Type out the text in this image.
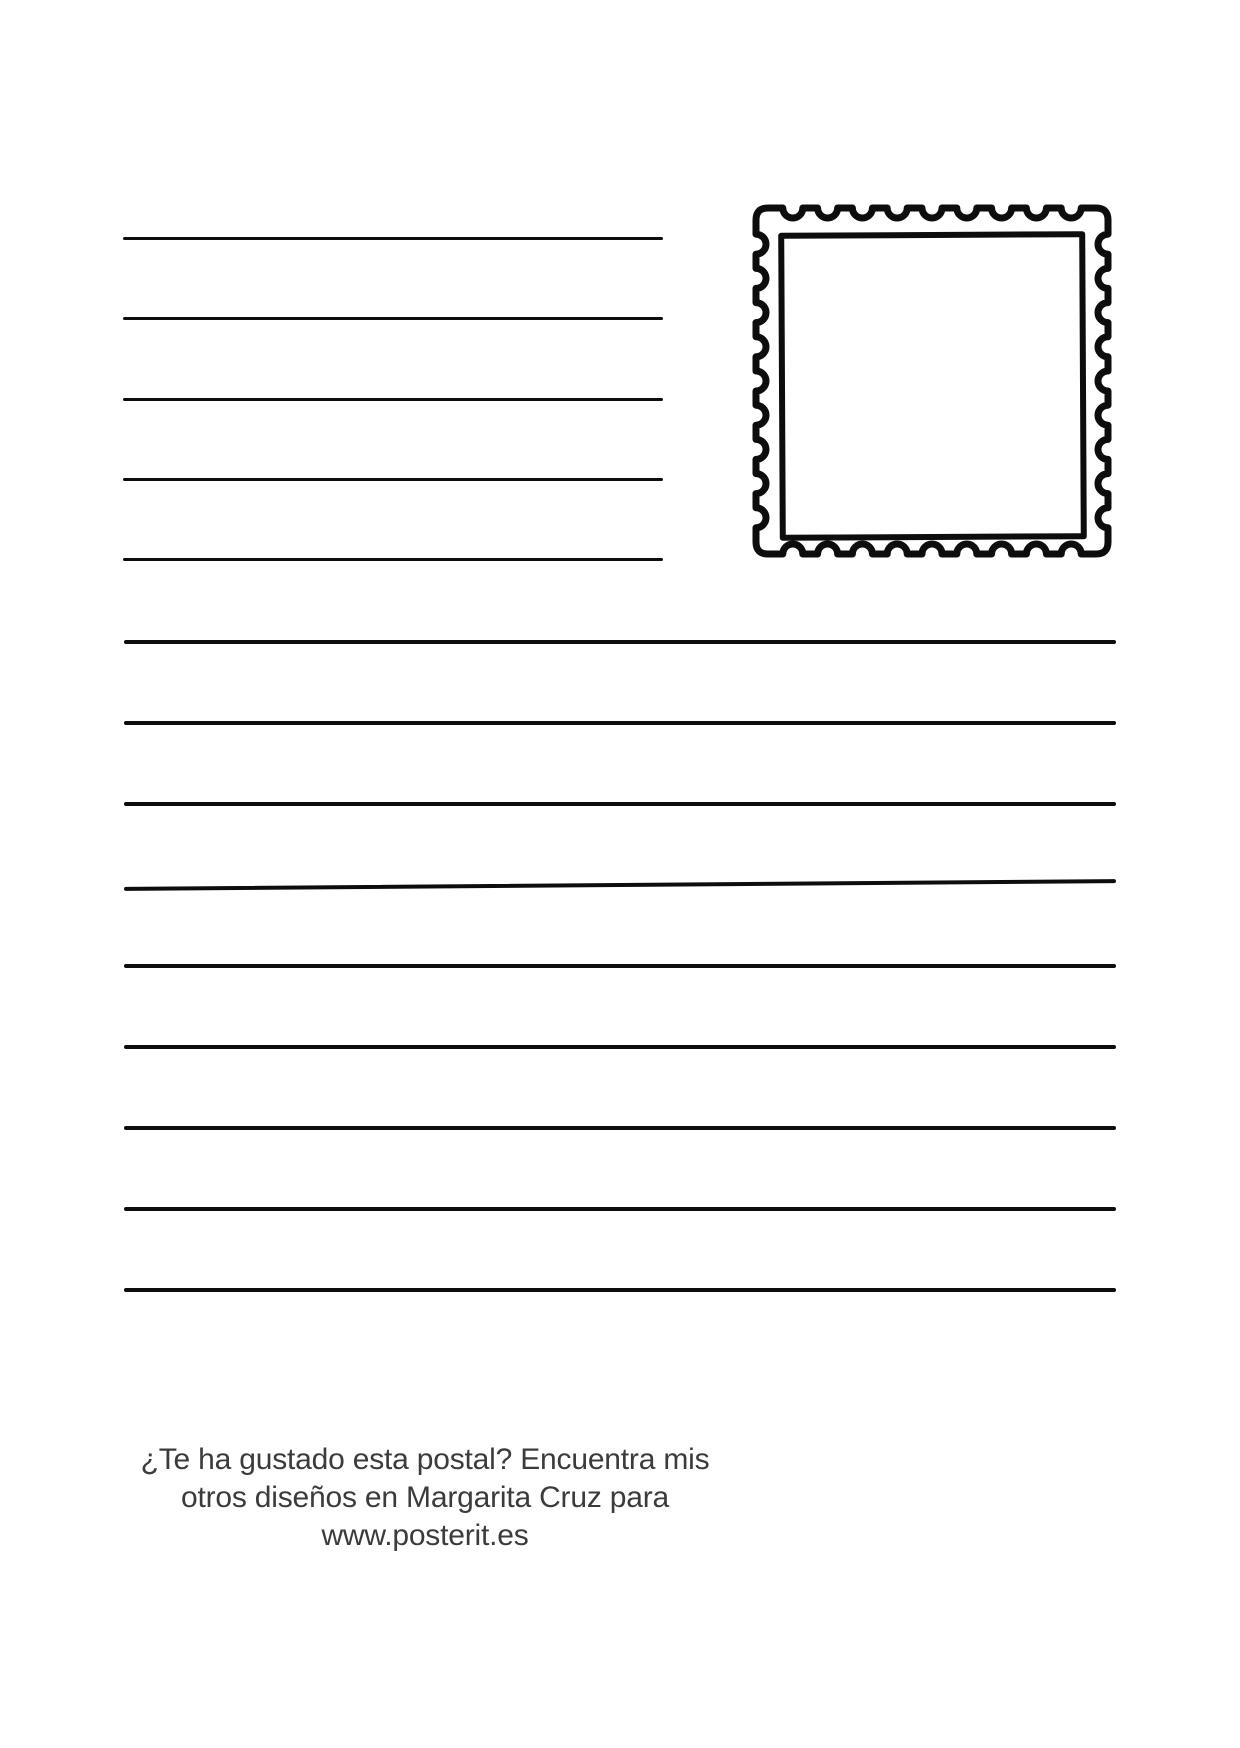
¿Te ha gustado esta postal? Encuentra mis
otros diseños en Margarita Cruz para
www.posterit.es
